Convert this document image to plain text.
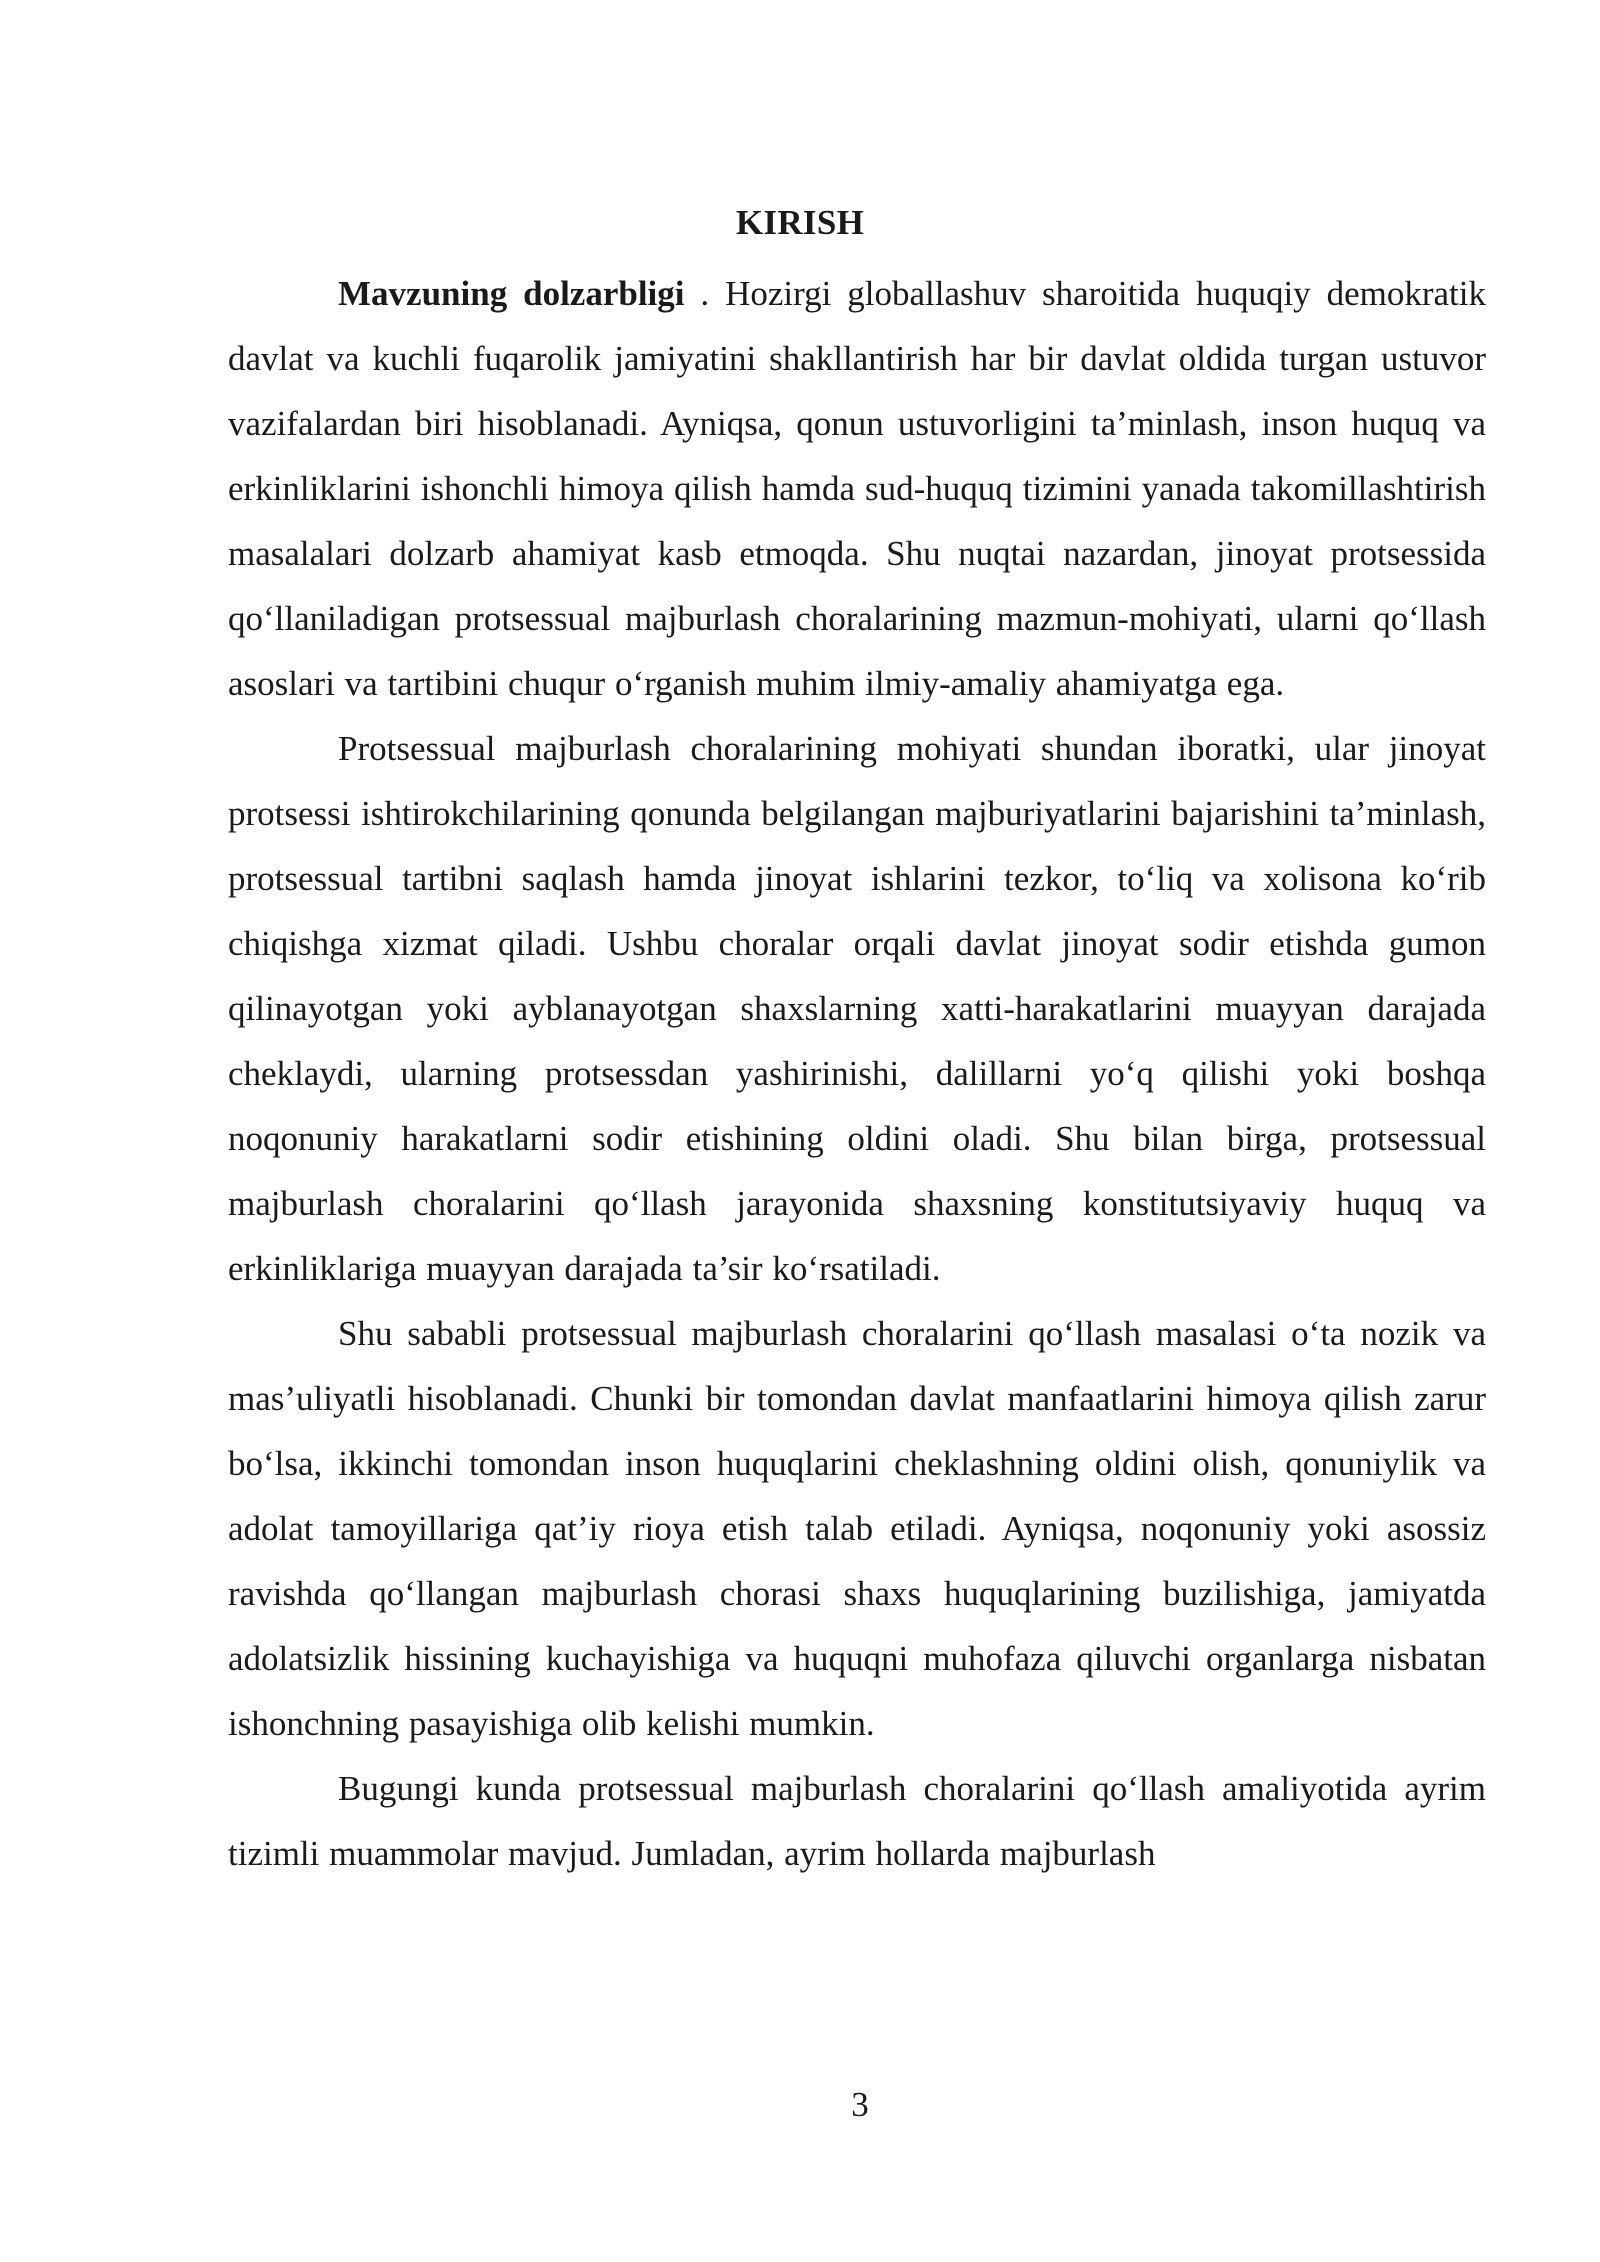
KIRISH

Mavzuning dolzarbligi . Hozirgi globallashuv sharoitida huquqiy demokratik davlat va kuchli fuqarolik jamiyatini shakllantirish har bir davlat oldida turgan ustuvor vazifalardan biri hisoblanadi. Ayniqsa, qonun ustuvorligini ta’minlash, inson huquq va erkinliklarini ishonchli himoya qilish hamda sud-huquq tizimini yanada takomillashtirish masalalari dolzarb ahamiyat kasb etmoqda. Shu nuqtai nazardan, jinoyat protsessida qo‘llaniladigan protsessual majburlash choralarining mazmun-mohiyati, ularni qo‘llash asoslari va tartibini chuqur o‘rganish muhim ilmiy-amaliy ahamiyatga ega.

Protsessual majburlash choralarining mohiyati shundan iboratki, ular jinoyat protsessi ishtirokchilarining qonunda belgilangan majburiyatlarini bajarishini ta’minlash, protsessual tartibni saqlash hamda jinoyat ishlarini tezkor, to‘liq va xolisona ko‘rib chiqishga xizmat qiladi. Ushbu choralar orqali davlat jinoyat sodir etishda gumon qilinayotgan yoki ayblanayotgan shaxslarning xatti-harakatlarini muayyan darajada cheklaydi, ularning protsessdan yashirinishi, dalillarni yo‘q qilishi yoki boshqa noqonuniy harakatlarni sodir etishining oldini oladi. Shu bilan birga, protsessual majburlash choralarini qo‘llash jarayonida shaxsning konstitutsiyaviy huquq va erkinliklariga muayyan darajada ta’sir ko‘rsatiladi.

Shu sababli protsessual majburlash choralarini qo‘llash masalasi o‘ta nozik va mas’uliyatli hisoblanadi. Chunki bir tomondan davlat manfaatlarini himoya qilish zarur bo‘lsa, ikkinchi tomondan inson huquqlarini cheklashning oldini olish, qonuniylik va adolat tamoyillariga qat’iy rioya etish talab etiladi. Ayniqsa, noqonuniy yoki asossiz ravishda qo‘llangan majburlash chorasi shaxs huquqlarining buzilishiga, jamiyatda adolatsizlik hissining kuchayishiga va huquqni muhofaza qiluvchi organlarga nisbatan ishonchning pasayishiga olib kelishi mumkin.

Bugungi kunda protsessual majburlash choralarini qo‘llash amaliyotida ayrim tizimli muammolar mavjud. Jumladan, ayrim hollarda majburlash

3
